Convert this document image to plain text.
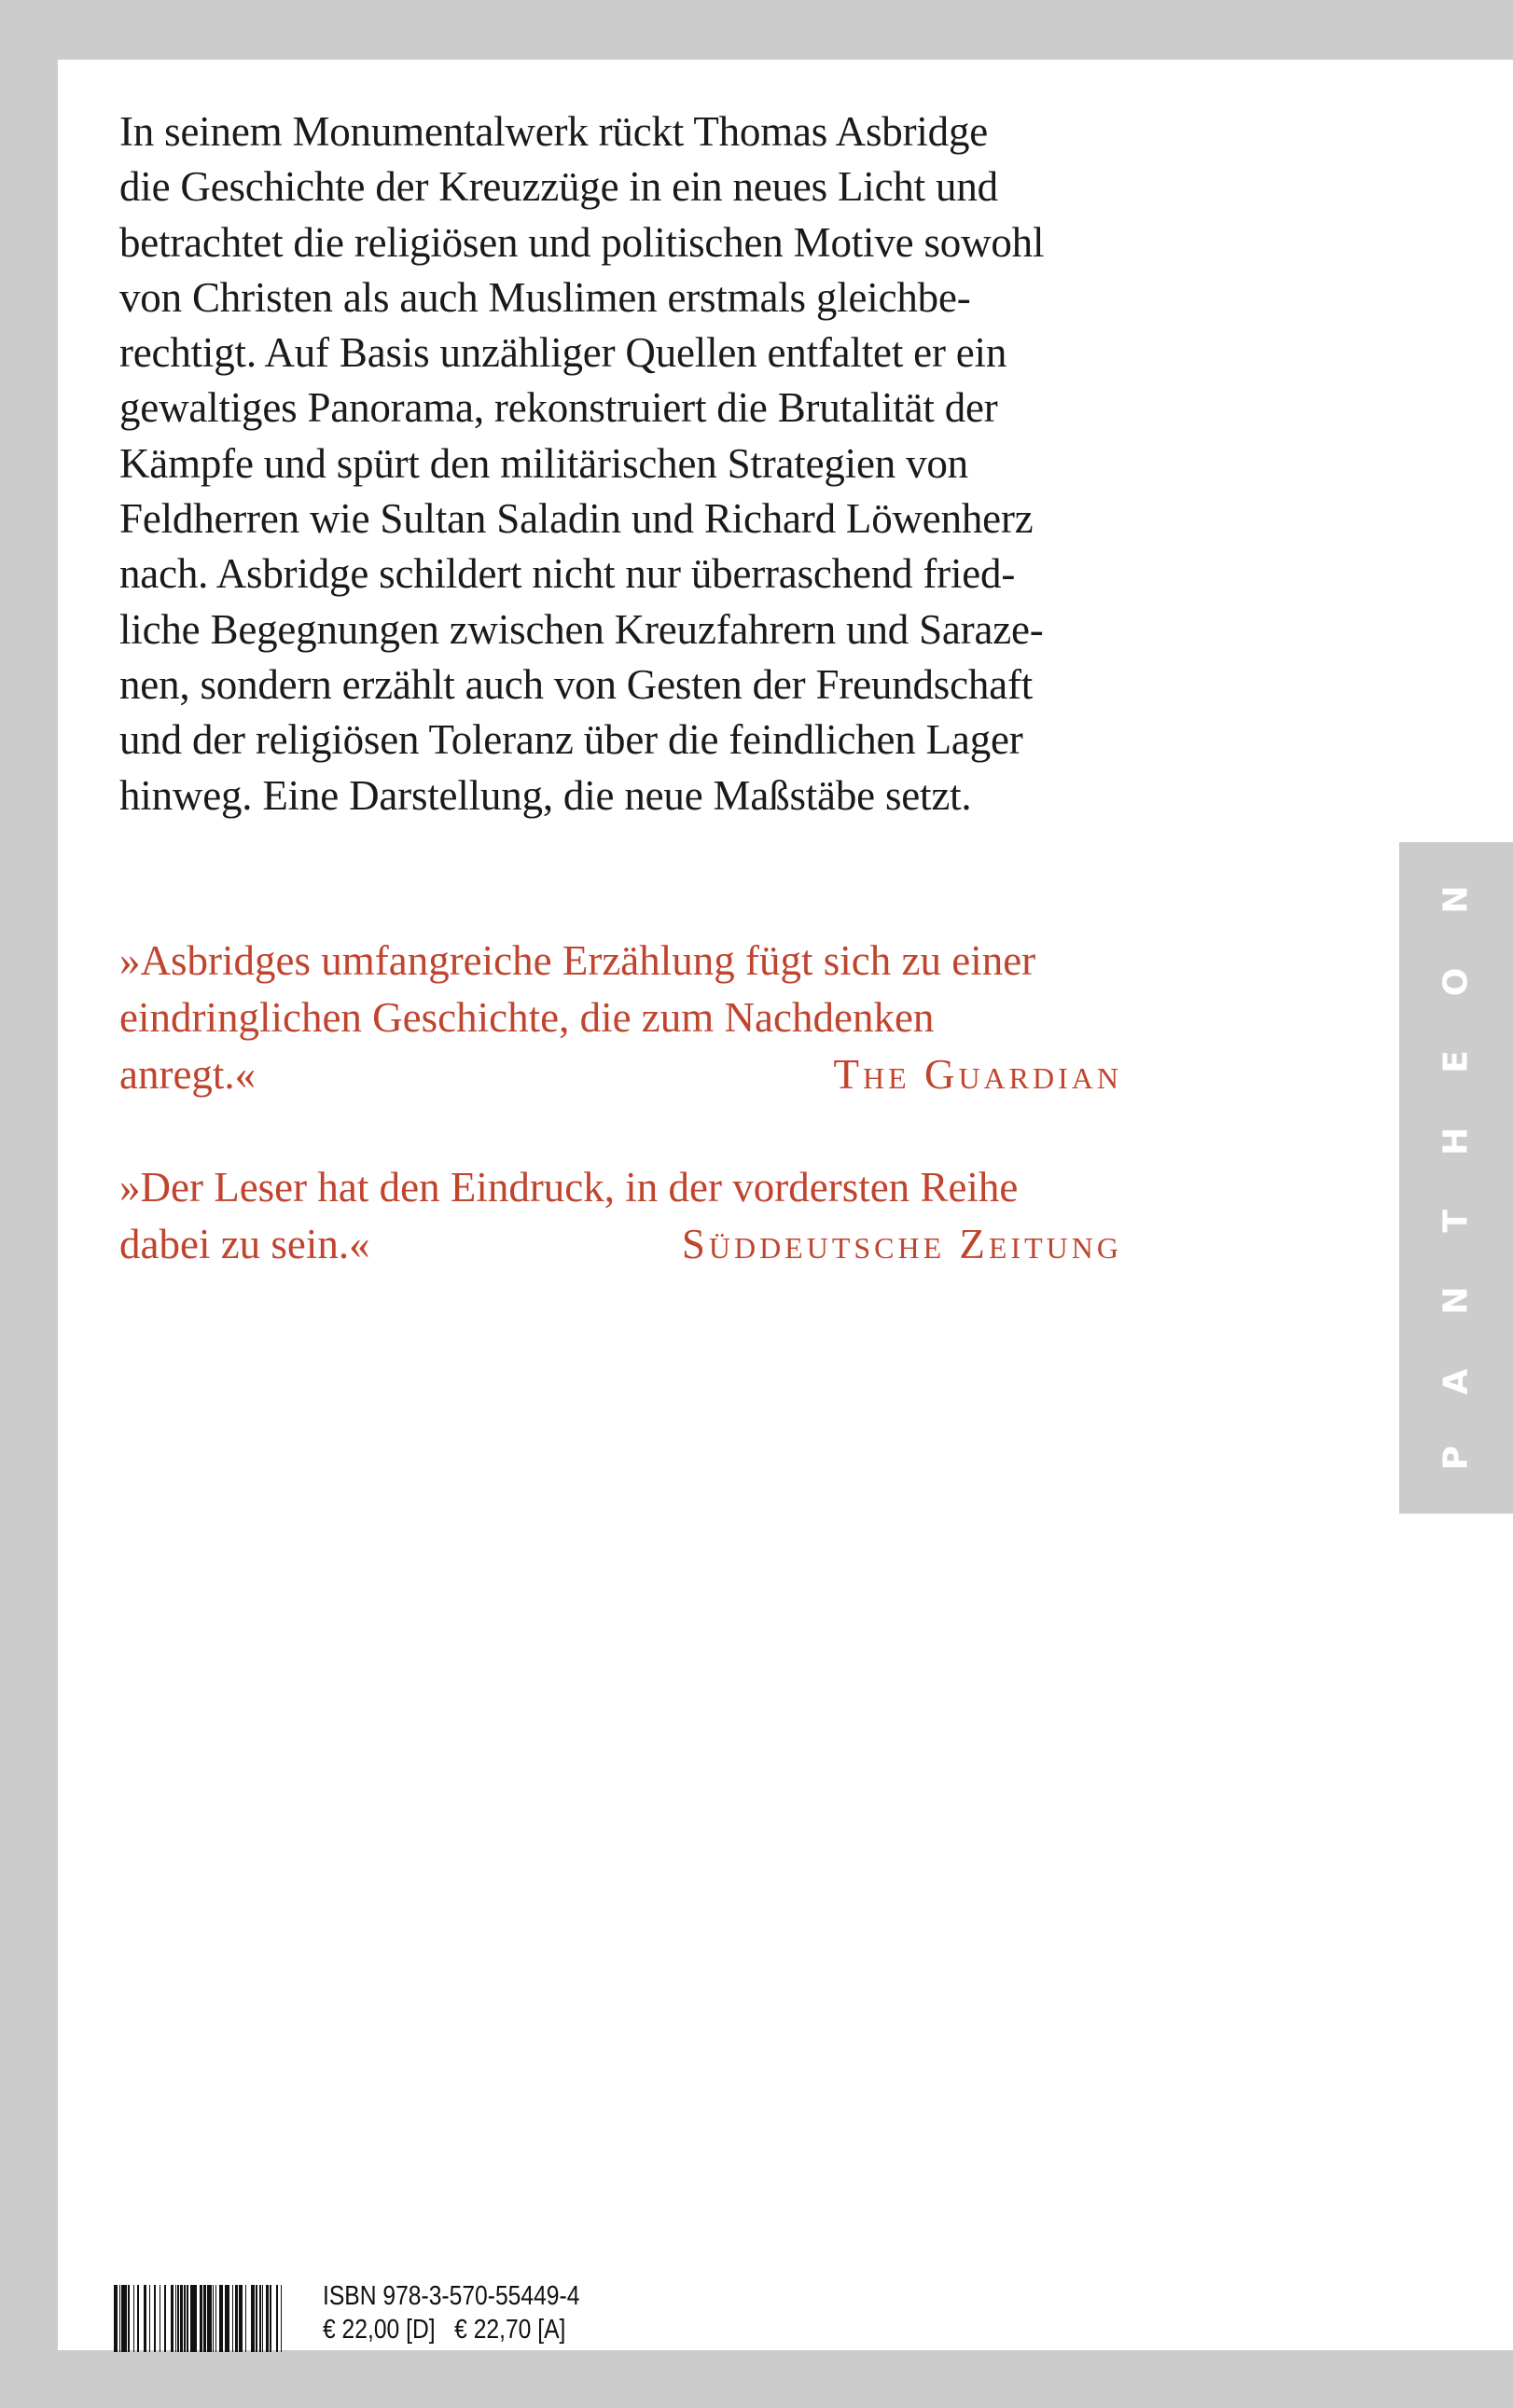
In seinem Monumentalwerk rückt Thomas Asbridge
die Geschichte der Kreuzzüge in ein neues Licht und
betrachtet die religiösen und politischen Motive sowohl
von Christen als auch Muslimen erstmals gleichbe-
rechtigt. Auf Basis unzähliger Quellen entfaltet er ein
gewaltiges Panorama, rekonstruiert die Brutalität der
Kämpfe und spürt den militärischen Strategien von
Feldherren wie Sultan Saladin und Richard Löwenherz
nach. Asbridge schildert nicht nur überraschend fried-
liche Begegnungen zwischen Kreuzfahrern und Saraze-
nen, sondern erzählt auch von Gesten der Freundschaft
und der religiösen Toleranz über die feindlichen Lager
hinweg. Eine Darstellung, die neue Maßstäbe setzt.
»Asbridges umfangreiche Erzählung fügt sich zu einer
eindringlichen Geschichte, die zum Nachdenken
anregt.«	The Guardian
»Der Leser hat den Eindruck, in der vordersten Reihe
dabei zu sein.«	Süddeutsche Zeitung	PANTHEON
ISBN 978-3-570-55449-4
€ 22,00 [D]   € 22,70 [A]
